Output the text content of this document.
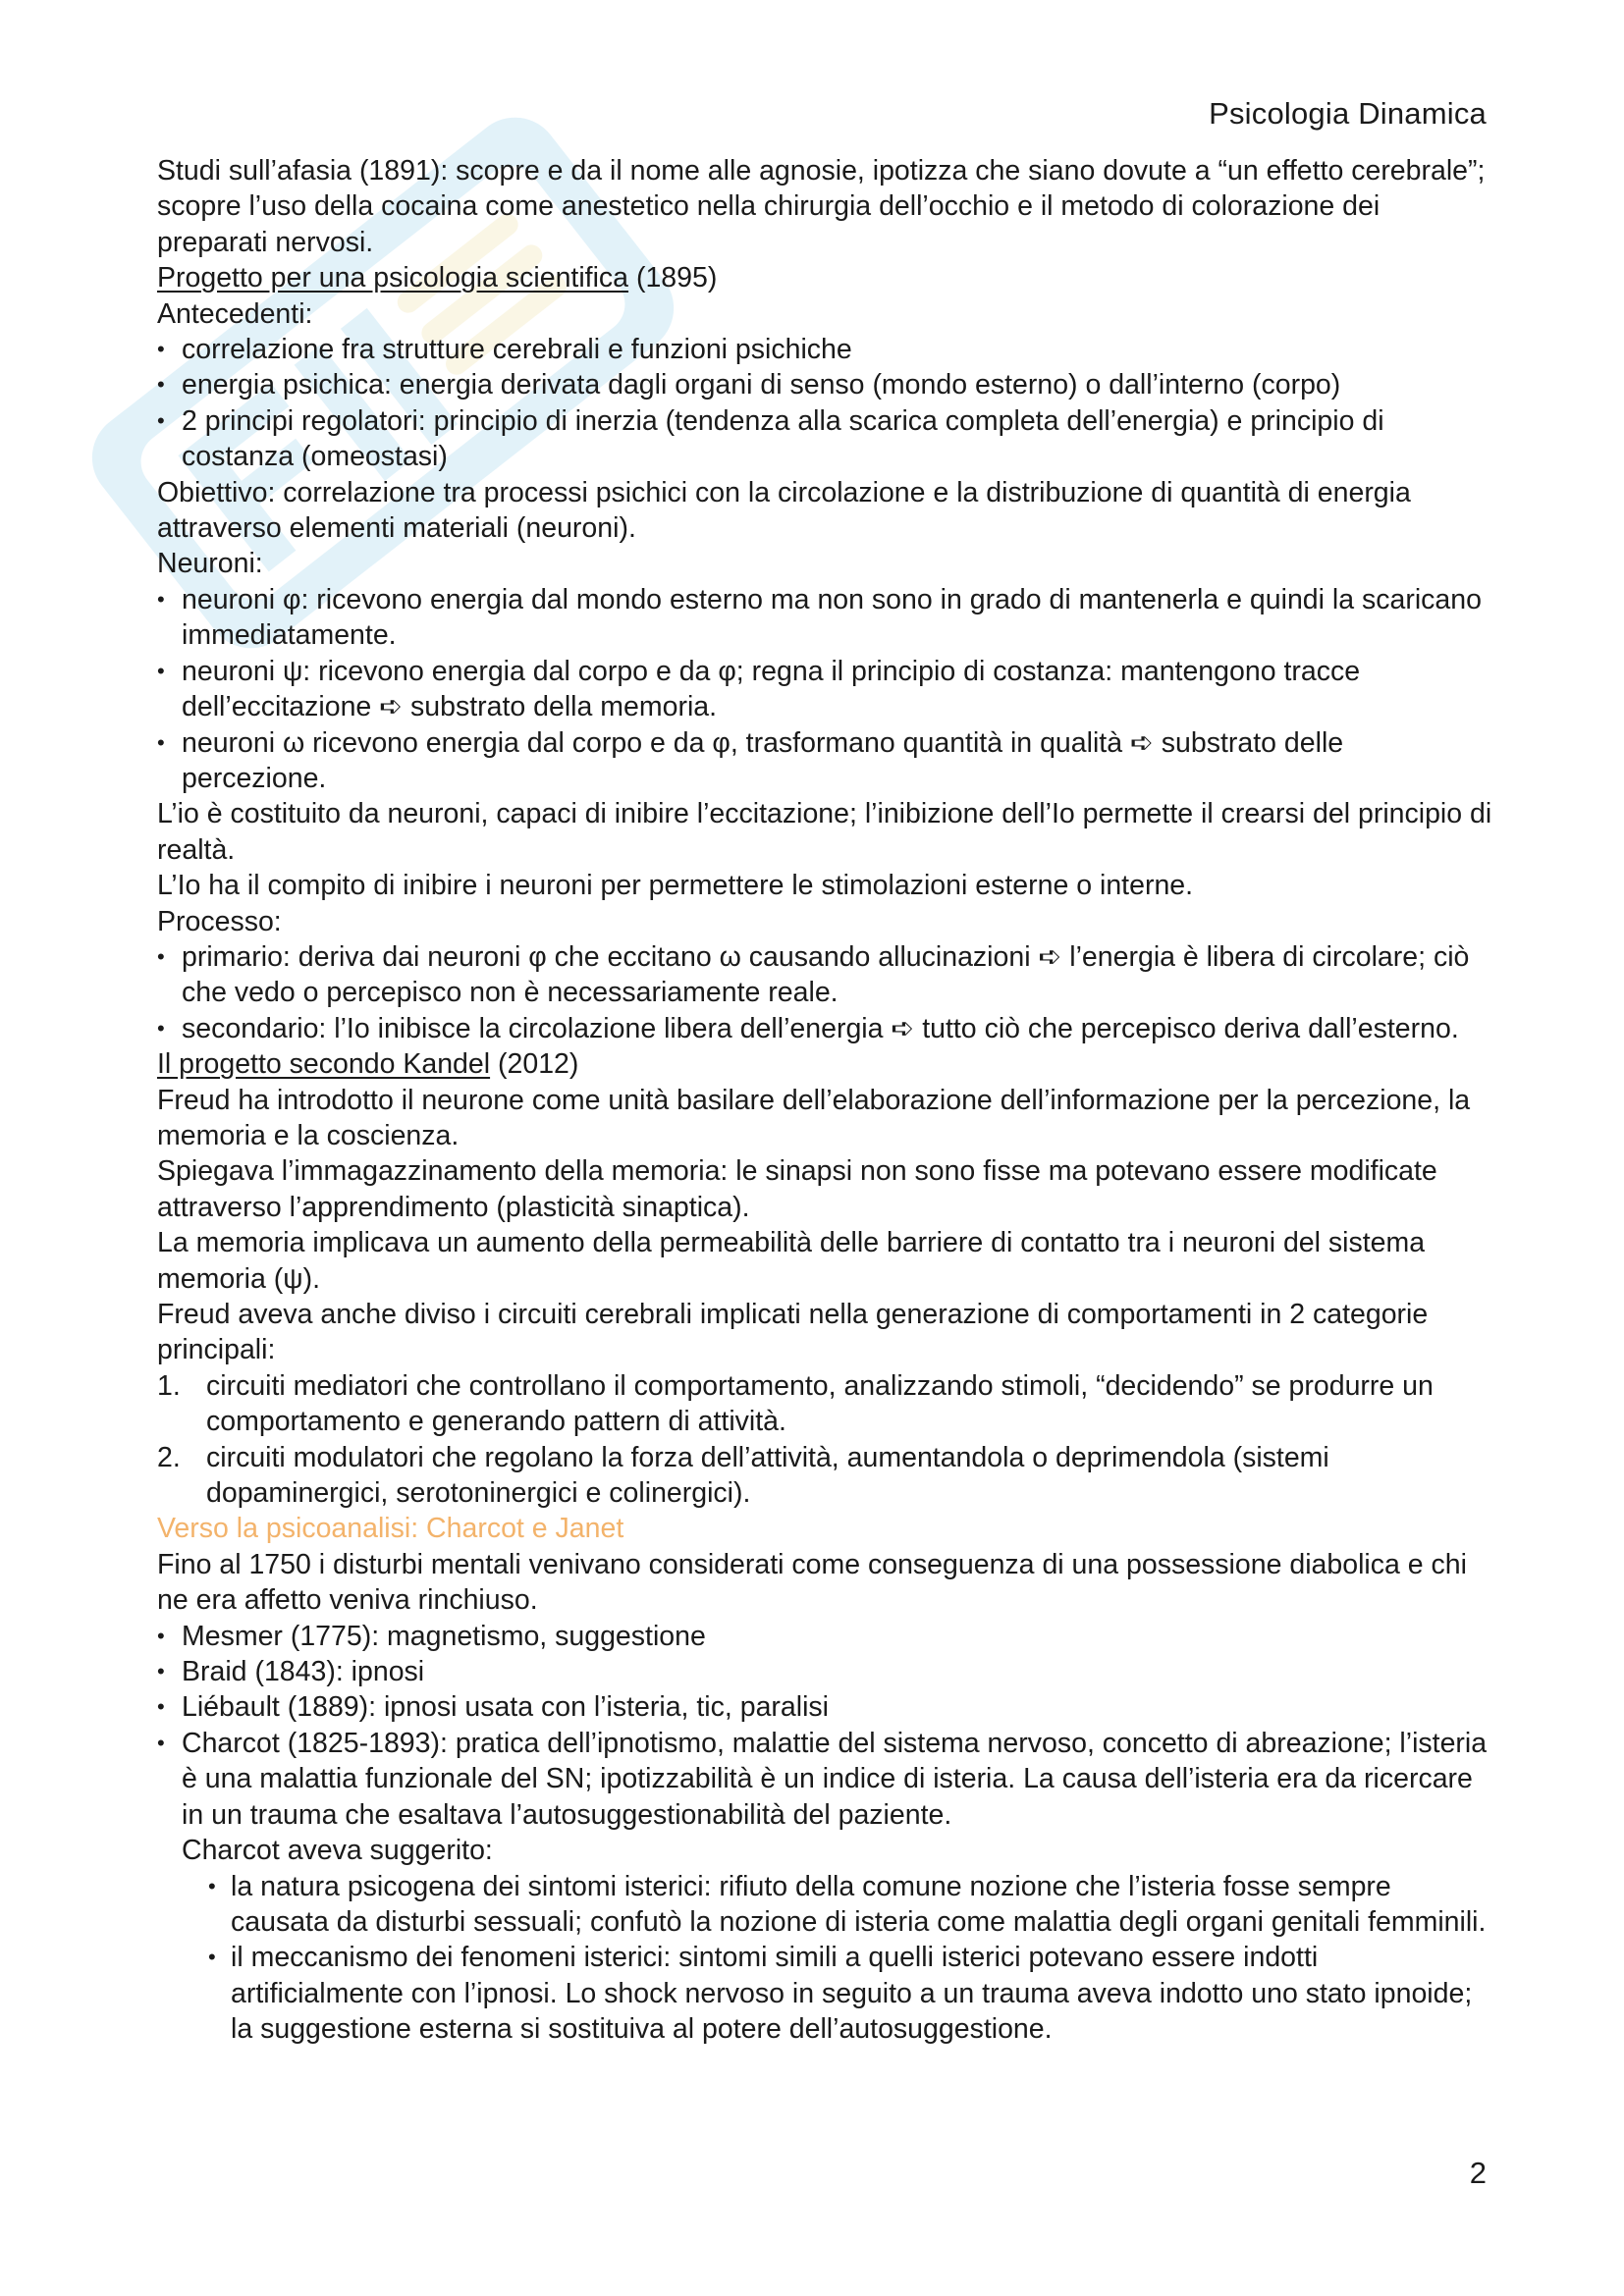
Psicologia Dinamica

Studi sull’afasia (1891): scopre e da il nome alle agnosie, ipotizza che siano dovute a “un effetto cerebrale”; scopre l’uso della cocaina come anestetico nella chirurgia dell’occhio e il metodo di colorazione dei preparati nervosi.

Progetto per una psicologia scientifica (1895)

Antecedenti:

• correlazione fra strutture cerebrali e funzioni psichiche
• energia psichica: energia derivata dagli organi di senso (mondo esterno) o dall’interno (corpo)
• 2 principi regolatori: principio di inerzia (tendenza alla scarica completa dell’energia) e principio di costanza (omeostasi)

Obiettivo: correlazione tra processi psichici con la circolazione e la distribuzione di quantità di energia attraverso elementi materiali (neuroni).

Neuroni:

• neuroni φ: ricevono energia dal mondo esterno ma non sono in grado di mantenerla e quindi la scaricano immediatamente.
• neuroni ψ: ricevono energia dal corpo e da φ; regna il principio di costanza: mantengono tracce dell’eccitazione ➪ substrato della memoria.
• neuroni ω ricevono energia dal corpo e da φ, trasformano quantità in qualità ➪ substrato delle percezione.

L’io è costituito da neuroni, capaci di inibire l’eccitazione; l’inibizione dell’Io permette il crearsi del principio di realtà.

L’Io ha il compito di inibire i neuroni per permettere le stimolazioni esterne o interne.

Processo:

• primario: deriva dai neuroni φ che eccitano ω causando allucinazioni ➪ l’energia è libera di circolare; ciò che vedo o percepisco non è necessariamente reale.
• secondario: l’Io inibisce la circolazione libera dell’energia ➪ tutto ciò che percepisco deriva dall’esterno.

Il progetto secondo Kandel (2012)

Freud ha introdotto il neurone come unità basilare dell’elaborazione dell’informazione per la percezione, la memoria e la coscienza.

Spiegava l’immagazzinamento della memoria: le sinapsi non sono fisse ma potevano essere modificate attraverso l’apprendimento (plasticità sinaptica).

La memoria implicava un aumento della permeabilità delle barriere di contatto tra i neuroni del sistema memoria (ψ).

Freud aveva anche diviso i circuiti cerebrali implicati nella generazione di comportamenti in 2 categorie principali:

1. circuiti mediatori che controllano il comportamento, analizzando stimoli, “decidendo” se produrre un comportamento e generando pattern di attività.
2. circuiti modulatori che regolano la forza dell’attività, aumentandola o deprimendola (sistemi dopaminergici, serotoninergici e colinergici).

Verso la psicoanalisi: Charcot e Janet

Fino al 1750 i disturbi mentali venivano considerati come conseguenza di una possessione diabolica e chi ne era affetto veniva rinchiuso.

• Mesmer (1775): magnetismo, suggestione
• Braid (1843): ipnosi
• Liébault (1889): ipnosi usata con l’isteria, tic, paralisi
• Charcot (1825-1893): pratica dell’ipnotismo, malattie del sistema nervoso, concetto di abreazione; l’isteria è una malattia funzionale del SN; ipotizzabilità è un indice di isteria. La causa dell’isteria era da ricercare in un trauma che esaltava l’autosuggestionabilità del paziente.
Charcot aveva suggerito:
• la natura psicogena dei sintomi isterici: rifiuto della comune nozione che l’isteria fosse sempre causata da disturbi sessuali; confutò la nozione di isteria come malattia degli organi genitali femminili.
• il meccanismo dei fenomeni isterici: sintomi simili a quelli isterici potevano essere indotti artificialmente con l’ipnosi. Lo shock nervoso in seguito a un trauma aveva indotto uno stato ipnoide; la suggestione esterna si sostituiva al potere dell’autosuggestione.
2
